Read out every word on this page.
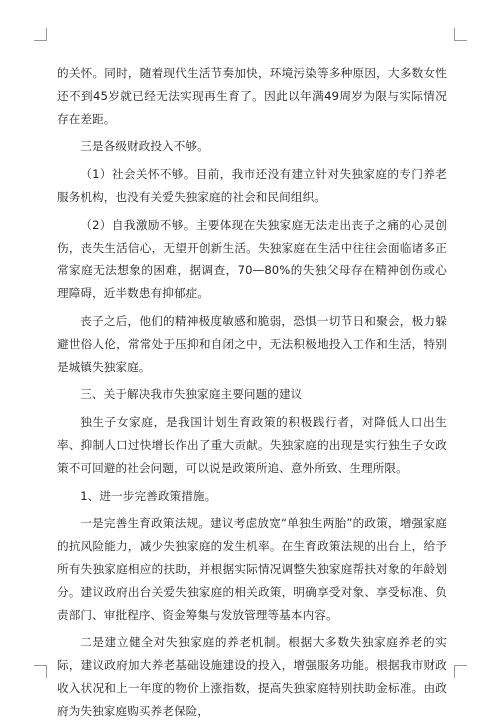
的关怀。同时，随着现代生活节奏加快，环境污染等多种原因，大多数女性还不到45岁就已经无法实现再生育了。因此以年满49周岁为限与实际情况存在差距。

三是各级财政投入不够。

（1）社会关怀不够。目前，我市还没有建立针对失独家庭的专门养老服务机构，也没有关爱失独家庭的社会和民间组织。

（2）自我激励不够。主要体现在失独家庭无法走出丧子之痛的心灵创伤，丧失生活信心，无望开创新生活。失独家庭在生活中往往会面临诸多正常家庭无法想象的困难，据调查，70—80%的失独父母存在精神创伤或心理障碍，近半数患有抑郁症。

丧子之后，他们的精神极度敏感和脆弱，恐惧一切节日和聚会，极力躲避世俗人伦，常常处于压抑和自闭之中，无法积极地投入工作和生活，特别是城镇失独家庭。

三、关于解决我市失独家庭主要问题的建议

独生子女家庭，是我国计划生育政策的积极践行者，对降低人口出生率、抑制人口过快增长作出了重大贡献。失独家庭的出现是实行独生子女政策不可回避的社会问题，可以说是政策所追、意外所致、生理所限。

1、进一步完善政策措施。

一是完善生育政策法规。建议考虑放宽“单独生两胎”的政策，增强家庭的抗风险能力，减少失独家庭的发生机率。在生育政策法规的出台上，给予所有失独家庭相应的扶助，并根据实际情况调整失独家庭帮扶对象的年龄划分。建议政府出台关爱失独家庭的相关政策，明确享受对象、享受标准、负责部门、审批程序、资金筹集与发放管理等基本内容。

二是建立健全对失独家庭的养老机制。根据大多数失独家庭养老的实际，建议政府加大养老基础设施建设的投入，增强服务功能。根据我市财政收入状况和上一年度的物价上涨指数，提高失独家庭特别扶助金标准。由政府为失独家庭购买养老保险，
